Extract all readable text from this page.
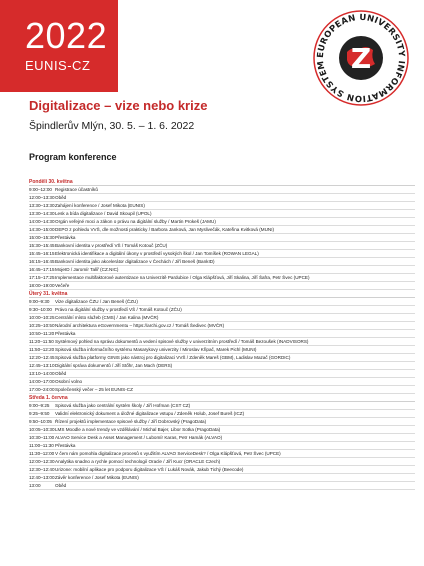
2022
EUNIS-CZ
EUROPEAN UNIVERSITY INFORMATION SYSTEM Z
Digitalizace – vize nebo krize
Špindlerův Mlýn, 30. 5. – 1. 6. 2022
Program konference
Pondělí 30. května
9:00–12:00 Registrace účastníků
12:00–13:30 Oběd
13:30–13:30 Zahájení konference / Josef Mikota (EUNIS)
13:30–14:30 Lesk a bída digitalizace / David Skoupil (UPOL)
14:00–14:30 Orgán veřejné moci a zákon o právu na digitální služby / Martin Prokeš (JAMU)
14:30–15:00 DEPO z pohledu VVŠ, dle možnosti prakticky / Barbora Janková, Jan Myslivečák, Kateřina Kvitková (MUNI)
15:00–15:30 Přestávka
15:30–15:45 Bankovní identita v prostředí VŠ / Tomáš Kotouč (ZČU)
15:45–16:15 Elektronická identifikace a digitální úkony v prostředí vysokých škol / Jan Tomíšek (ROWAN LEGAL)
16:15–16:45 Bankovní identita jako akcelerátor digitalizace v Čechách / Jiří Beneš (BankID)
16:45–17:15 MojeID / Jaromír Talíř (CZ.NIC)
17:15–17:25 Implementace multifaktorové autentizace na Univerzitě Pardubice / Olga Klápšťová, Jiří Skalina, Jiří Šafra, Petr Švec (UPCE)
18:00–19:00 Večeře
Úterý 31. května
9:00–9:30	Vize digitalizace ČZU / Jan Beneš (ČZU)
9:30–10:00 Právo na digitální služby v prostředí VŠ / Tomáš Kotouč (ZČU)
10:00–10:25 Centrální místo služeb (CMS) / Jan Kalina (MVČR)
10:25–10:50 Národní architektura eGovernmentu – https://archi.gov.cz / Tomáš Šedivec (MVČR)
10:50–11:20 Přestávka
11:20–11:50 Systémový pohled na správu dokumentů a vedení spisové služby v univerzitním prostředí / Tomáš Bezoušek (INADVISORS)
11:50–12:20 Spisová služba informačního systému Masarykovy univerzity / Miroslav Křipač, Marek Pichl (MUNI)
12:20–12:45 Spisová služba platformy GINIS jako nástroj pro digitalizaci VVŠ / Zdeněk Mareš (GBM), Ladislav Mazač (GORDIC)
12:45–13:10 Digitální správa dokumentů / Jiří Stőhr, Jan Mach (DERS)
13:10–14:00 Oběd
14:00–17:00 Osobní volno
17:00–24:00 Společenský večer – 25 let EUNIS-CZ
Středa 1. června
9:00–9:25	Spisová služba jako centrální systém školy / Jiří Hofman (CST CZ)
9:25–9:50	Validní elektronický dokument a úložné digitalizace vstupu / Zdeněk Holub, Josef Bureš (ICZ)
9:50–10:05 Řízení projektů implementace spisové služby / Jiří Dobrovský (PragoData)
10:05–10:30 LMS Moodle a nové trendy ve vzdělávání / Michal Bajer, Libor Sotka (PragoData)
10:30–11:00 ALVAO Service Desk a Asset Management / Lubomír Karas, Petr Hamák (ALVAO)
11:00–11:30 Přestávka
11:30–12:00 V čem nám pomohla digitalizace procesů s využitím ALVAO ServiceDesk? / Olga Klápšťová, Petr Švec (UPCE)
12:00–12:30 Analytika snadno a rychle pomocí technologií Oracle / Jiří Kucr (ORACLE Czech)
12:30–12:40 Urizone: mobilní aplikace pro podporu digitalizace VŠ / Lukáš Novák, Jakub Tichý (Beecode)
12:40–13:00 Závěr konference / Josef Mikota (EUNIS)
13:00	Oběd
